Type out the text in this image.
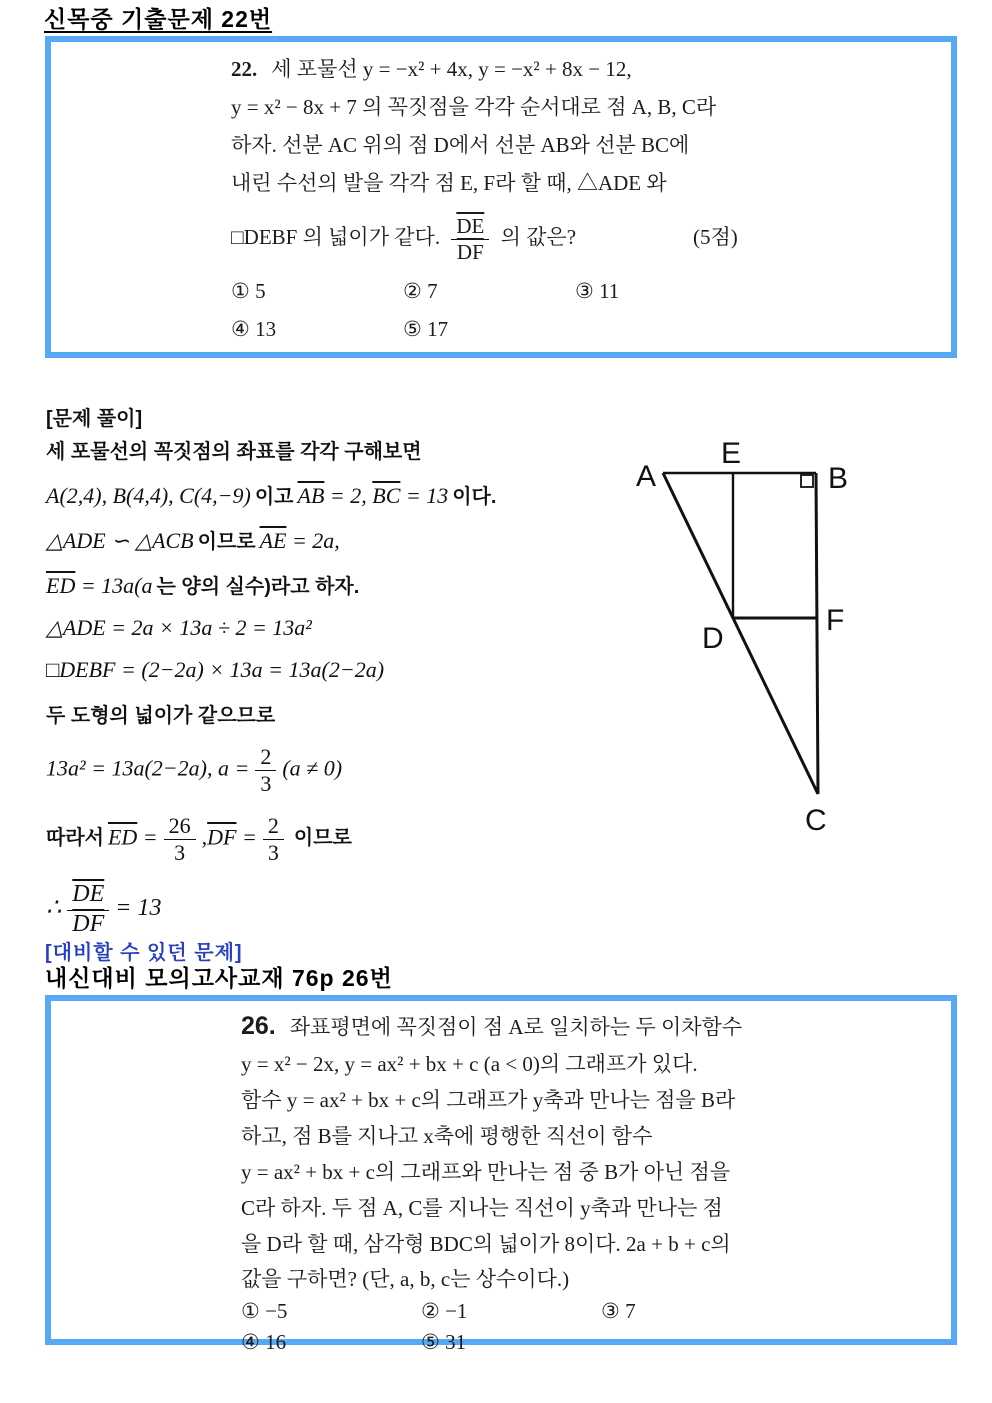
신목중 기출문제 22번
22. 세 포물선 y = −x² + 4x, y = −x² + 8x − 12,
y = x² − 8x + 7 의 꼭짓점을 각각 순서대로 점 A, B, C라
하자. 선분 AC 위의 점 D에서 선분 AB와 선분 BC에
내린 수선의 발을 각각 점 E, F라 할 때, △ADE 와
□DEBF 의 넓이가 같다. $\frac{\overline{DE}}{DF}$ 의 값은?	(5점)
① 5	② 7	③ 11
④ 13	⑤ 17
[문제 풀이]
세 포물선의 꼭짓점의 좌표를 각각 구해보면
A(2,4), B(4,4), C(4,−9) 이고 $\overline{AB} = 2$, $\overline{BC} = 13$ 이다.
△ADE ∽ △ACB 이므로 $\overline{AE} = 2a$,
$\overline{ED} = 13a(a$ 는 양의 실수)라고 하자.
△ADE = 2a × 13a ÷ 2 = 13a²
□DEBF = (2−2a) × 13a = 13a(2−2a)
두 도형의 넓이가 같으므로
13a² = 13a(2−2a), $a = \frac{2}{3} (a \ne 0)$
따라서 $\overline{ED} = \frac{26}{3} ,\overline{DF} = \frac{2}{3}$ 이므로
∴ $\frac{\overline{DE}}{DF} = 13$
A
E
B
D
F
C
[대비할 수 있던 문제]
내신대비 모의고사교재 76p 26번
26. 좌표평면에 꼭짓점이 점 A로 일치하는 두 이차함수
y = x² − 2x, y = ax² + bx + c (a < 0)의 그래프가 있다.
함수 y = ax² + bx + c의 그래프가 y축과 만나는 점을 B라
하고, 점 B를 지나고 x축에 평행한 직선이 함수
y = ax² + bx + c의 그래프와 만나는 점 중 B가 아닌 점을
C라 하자. 두 점 A, C를 지나는 직선이 y축과 만나는 점
을 D라 할 때, 삼각형 BDC의 넓이가 8이다. 2a + b + c의
값을 구하면? (단, a, b, c는 상수이다.)
① −5	② −1	③ 7
④ 16	⑤ 31
